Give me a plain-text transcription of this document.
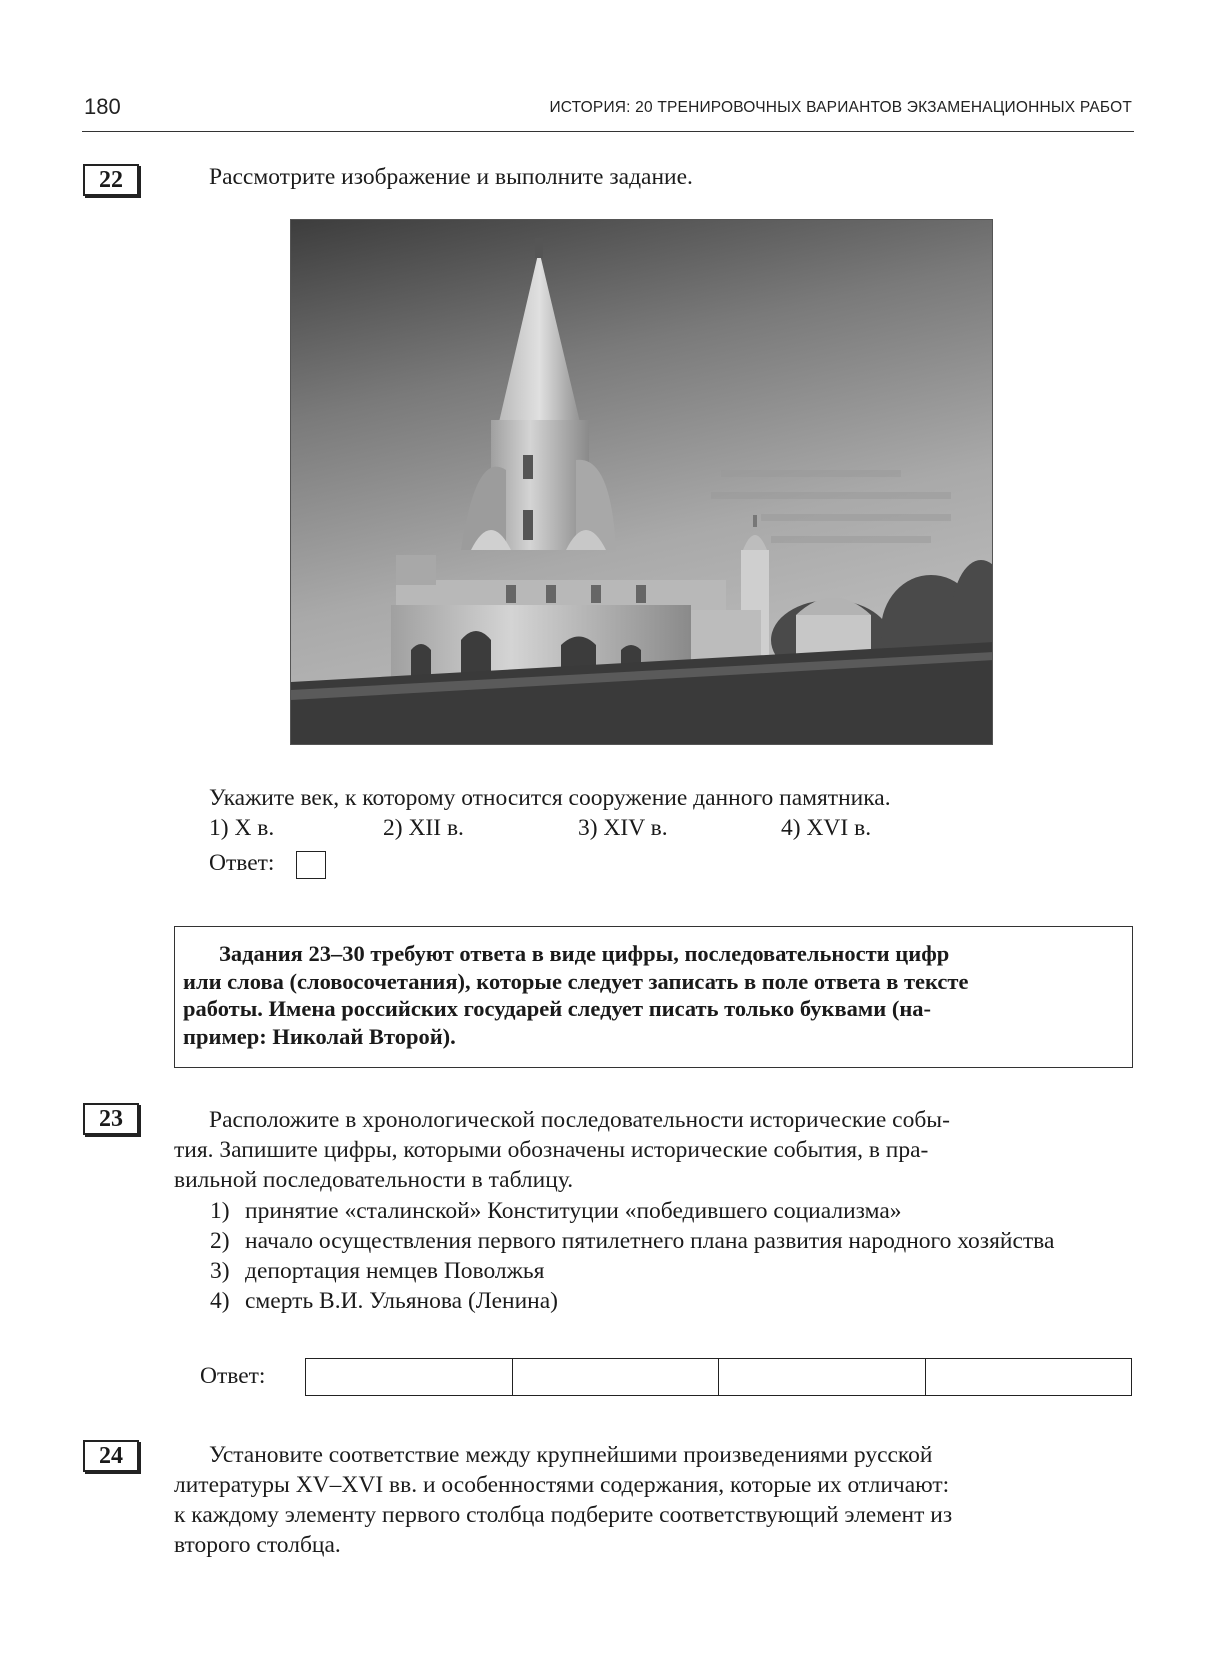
180	ИСТОРИЯ: 20 ТРЕНИРОВОЧНЫХ ВАРИАНТОВ ЭКЗАМЕНАЦИОННЫХ РАБОТ
22	Рассмотрите изображение и выполните задание.
Укажите век, к которому относится сооружение данного памятника.
1) X в.	2) XII в.	3) XIV в.	4) XVI в.
Ответ:
Задания 23–30 требуют ответа в виде цифры, последовательности цифр
или слова (словосочетания), которые следует записать в поле ответа в тексте
работы. Имена российских государей следует писать только буквами (на-
пример: Николай Второй).
23	Расположите в хронологической последовательности исторические собы-
тия. Запишите цифры, которыми обозначены исторические события, в пра-
вильной последовательности в таблицу.
1) принятие «сталинской» Конституции «победившего социализма»
2) начало осуществления первого пятилетнего плана развития народного хозяйства
3) депортация немцев Поволжья
4) смерть В.И. Ульянова (Ленина)
Ответ:
24	Установите соответствие между крупнейшими произведениями русской
литературы XV–XVI вв. и особенностями содержания, которые их отличают:
к каждому элементу первого столбца подберите соответствующий элемент из
второго столбца.
